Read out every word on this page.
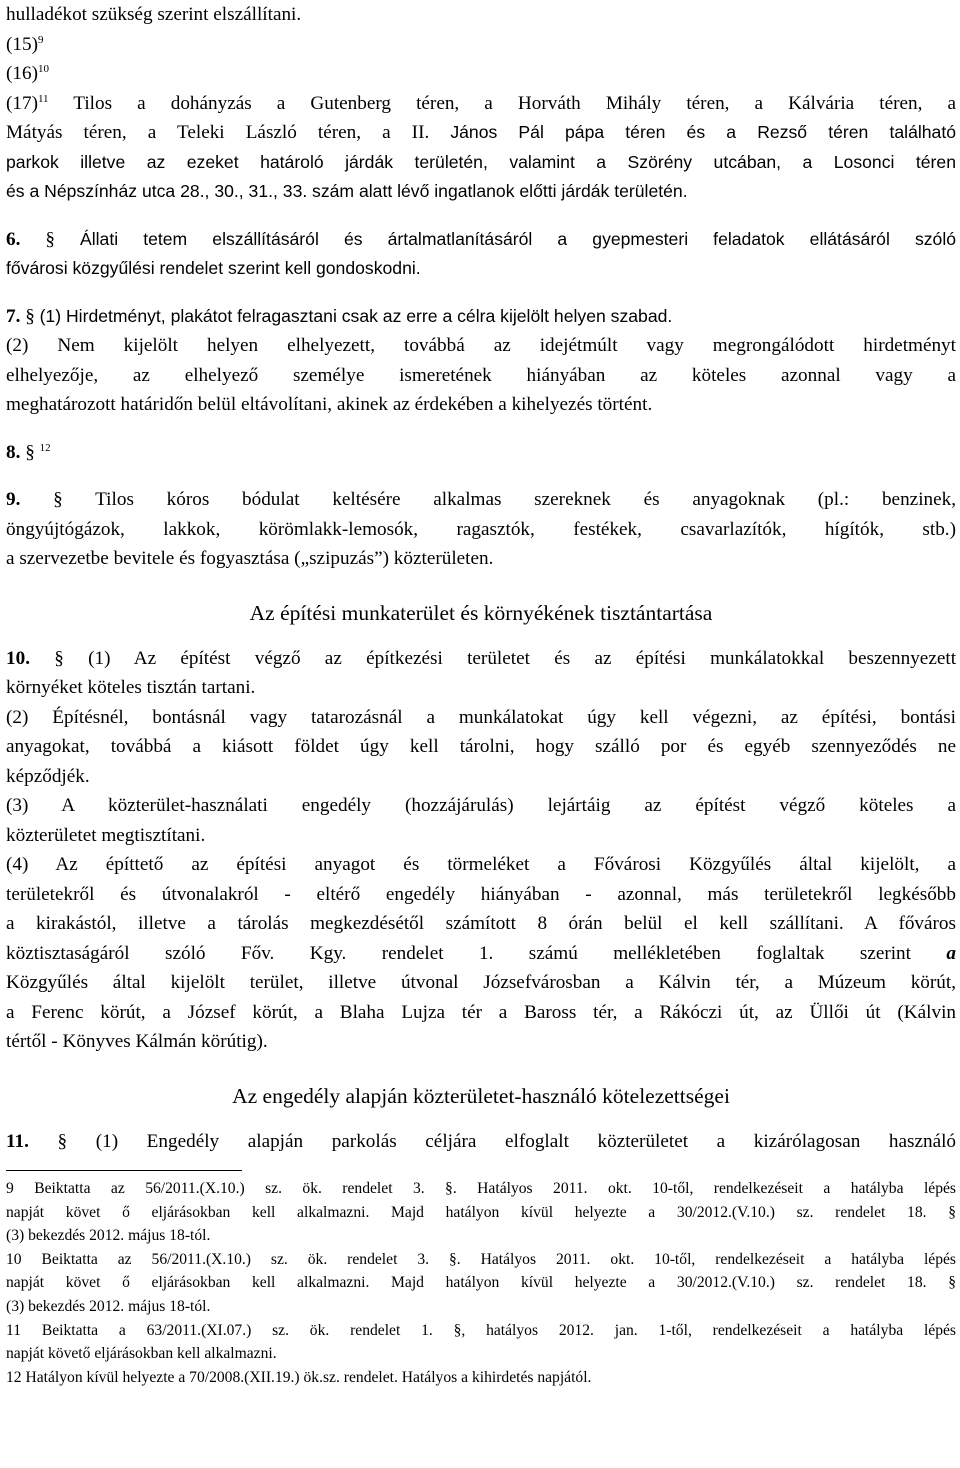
hulladékot szükség szerint elszállítani.
$(15)^9$
$(16)^{10}$
$(17)^{11}$ Tilos a dohányzás a Gutenberg téren, a Horváth Mihály téren, a Kálvária téren, a
Mátyás téren, a Teleki László téren, a II. János Pál pápa téren és a Rezső téren található
parkok illetve az ezeket határoló járdák területén, valamint a Szörény utcában, a Losonci téren
és a Népszínház utca 28., 30., 31., 33. szám alatt lévő ingatlanok előtti járdák területén.
6. § Állati tetem elszállításáról és ártalmatlanításáról a gyepmesteri feladatok ellátásáról szóló
fővárosi közgyűlési rendelet szerint kell gondoskodni.
7. § (1) Hirdetményt, plakátot felragasztani csak az erre a célra kijelölt helyen szabad.
(2) Nem kijelölt helyen elhelyezett, továbbá az idejétmúlt vagy megrongálódott hirdetményt
elhelyezője, az elhelyező személye ismeretének hiányában az köteles azonnal vagy a
meghatározott határidőn belül eltávolítani, akinek az érdekében a kihelyezés történt.
8. § $^{12}$
9. § Tilos kóros bódulat keltésére alkalmas szereknek és anyagoknak (pl.: benzinek,
öngyújtógázok, lakkok, körömlakk-lemosók, ragasztók, festékek, csavarlazítók, hígítók, stb.)
a szervezetbe bevitele és fogyasztása („szipuzás”) közterületen.
Az építési munkaterület és környékének tisztántartása
10. § (1) Az építést végző az építkezési területet és az építési munkálatokkal beszennyezett
környéket köteles tisztán tartani.
(2) Építésnél, bontásnál vagy tatarozásnál a munkálatokat úgy kell végezni, az építési, bontási
anyagokat, továbbá a kiásott földet úgy kell tárolni, hogy szálló por és egyéb szennyeződés ne
képződjék.
(3) A közterület-használati engedély (hozzájárulás) lejártáig az építést végző köteles a
közterületet megtisztítani.
(4) Az építtető az építési anyagot és törmeléket a Fővárosi Közgyűlés által kijelölt, a
területekről és útvonalakról - eltérő engedély hiányában - azonnal, más területekről legkésőbb
a kirakástól, illetve a tárolás megkezdésétől számított 8 órán belül el kell szállítani. A főváros
köztisztaságáról szóló Főv. Kgy. rendelet 1. számú mellékletében foglaltak szerint a
Közgyűlés által kijelölt terület, illetve útvonal Józsefvárosban a Kálvin tér, a Múzeum körút,
a Ferenc körút, a József körút, a Blaha Lujza tér a Baross tér, a Rákóczi út, az Üllői út (Kálvin
tértől - Könyves Kálmán körútig).
Az engedély alapján közterületet-használó kötelezettségei
11. § (1) Engedély alapján parkolás céljára elfoglalt közterületet a kizárólagosan használó
9 Beiktatta az 56/2011.(X.10.) sz. ök. rendelet 3. §. Hatályos 2011. okt. 10-től, rendelkezéseit a hatályba lépés
napját követ ő eljárásokban kell alkalmazni. Majd hatályon kívül helyezte a 30/2012.(V.10.) sz. rendelet 18. §
(3) bekezdés 2012. május 18-tól.
10 Beiktatta az 56/2011.(X.10.) sz. ök. rendelet 3. §. Hatályos 2011. okt. 10-től, rendelkezéseit a hatályba lépés
napját követ ő eljárásokban kell alkalmazni. Majd hatályon kívül helyezte a 30/2012.(V.10.) sz. rendelet 18. §
(3) bekezdés 2012. május 18-tól.
11 Beiktatta a 63/2011.(XI.07.) sz. ök. rendelet 1. §, hatályos 2012. jan. 1-től, rendelkezéseit a hatályba lépés
napját követő eljárásokban kell alkalmazni.
12 Hatályon kívül helyezte a 70/2008.(XII.19.) ök.sz. rendelet. Hatályos a kihirdetés napjától.
